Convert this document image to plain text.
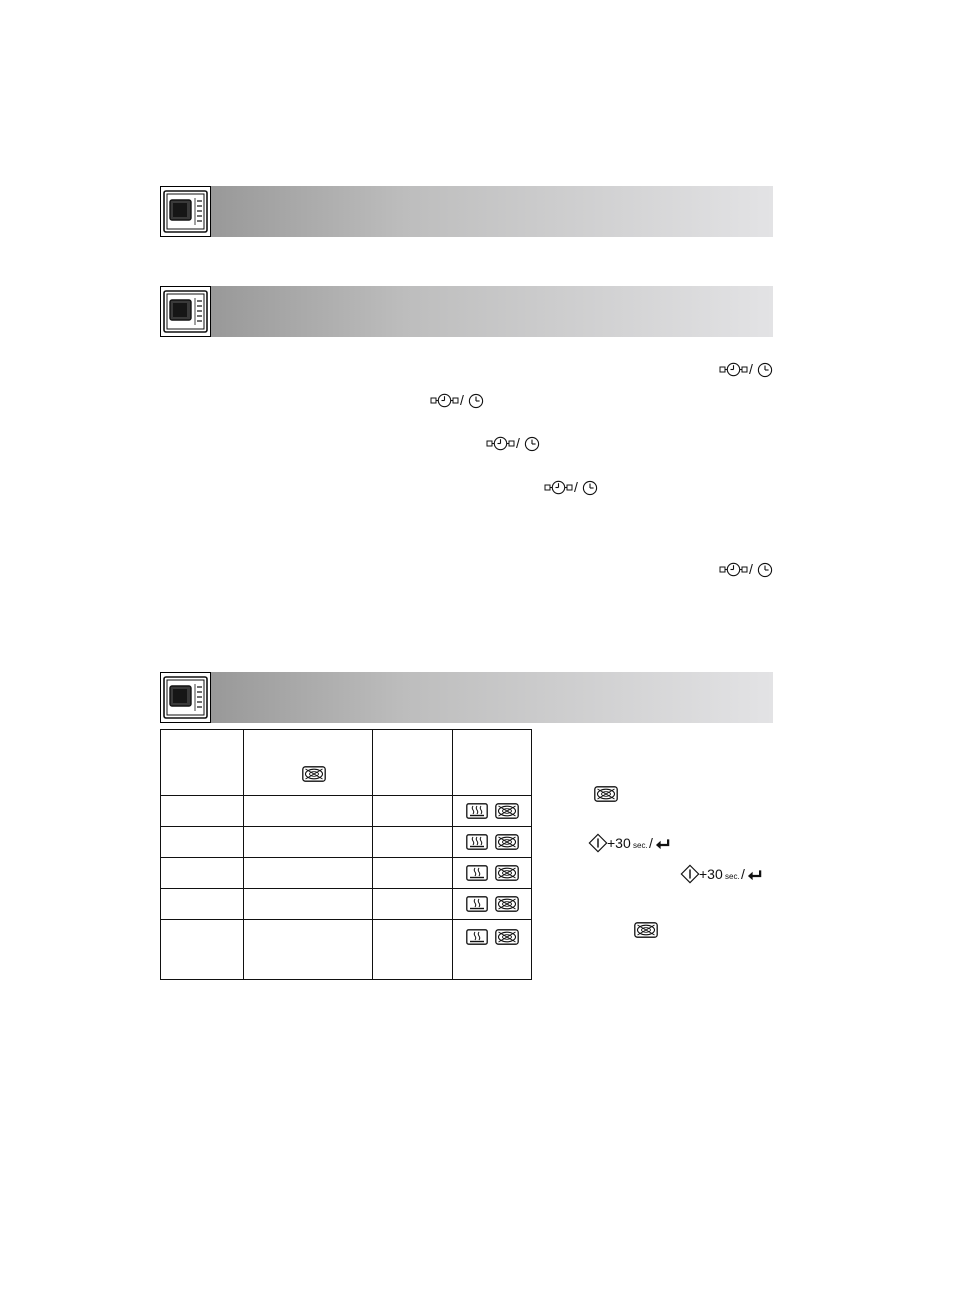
/
/
/
/
/

+30 sec. /
+30 sec. /
